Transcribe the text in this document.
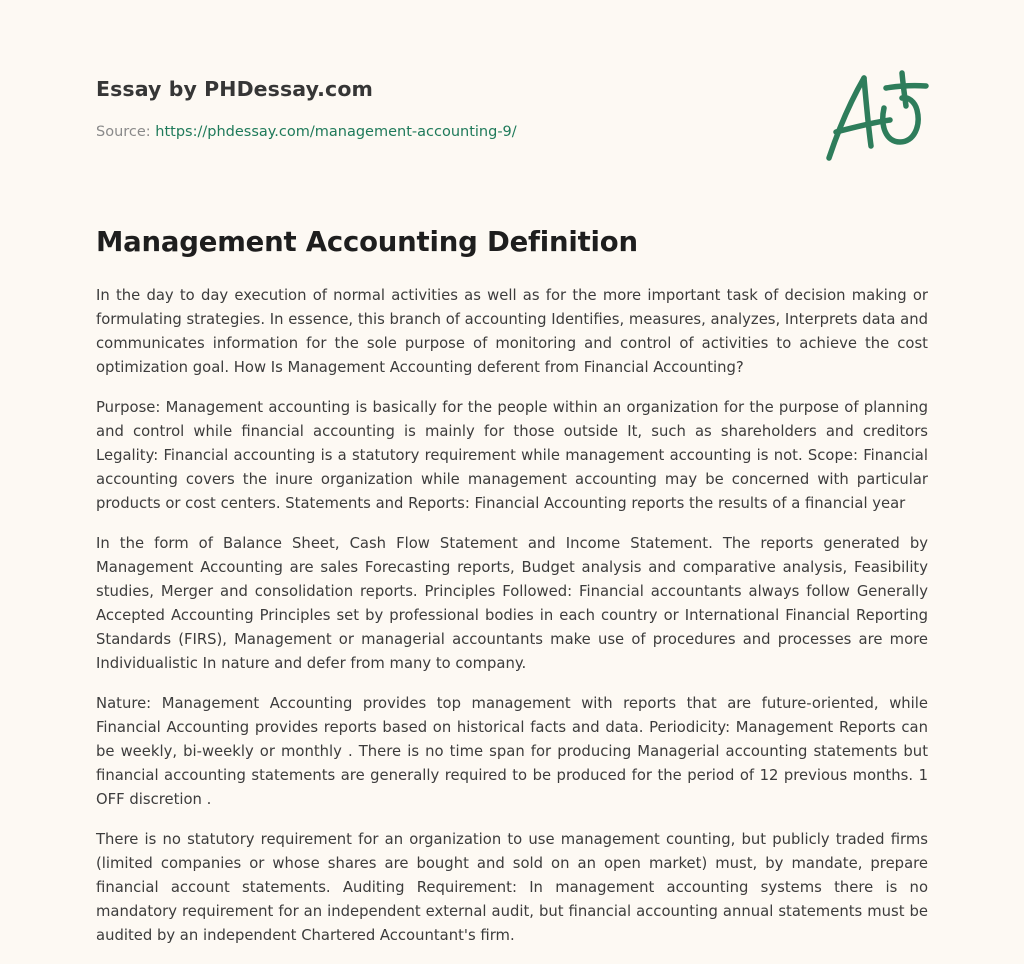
Essay by PHDessay.com

Source: https://phdessay.com/management-accounting-9/

Management Accounting Definition

In the day to day execution of normal activities as well as for the more important task of decision making or formulating strategies. In essence, this branch of accounting Identifies, measures, analyzes, Interprets data and communicates information for the sole purpose of monitoring and control of activities to achieve the cost optimization goal. How Is Management Accounting deferent from Financial Accounting?

Purpose: Management accounting is basically for the people within an organization for the purpose of planning and control while financial accounting is mainly for those outside It, such as shareholders and creditors Legality: Financial accounting is a statutory requirement while management accounting is not. Scope: Financial accounting covers the inure organization while management accounting may be concerned with particular products or cost centers. Statements and Reports: Financial Accounting reports the results of a financial year

In the form of Balance Sheet, Cash Flow Statement and Income Statement. The reports generated by Management Accounting are sales Forecasting reports, Budget analysis and comparative analysis, Feasibility studies, Merger and consolidation reports. Principles Followed: Financial accountants always follow Generally Accepted Accounting Principles set by professional bodies in each country or International Financial Reporting Standards (FIRS), Management or managerial accountants make use of procedures and processes are more Individualistic In nature and defer from many to company.

Nature: Management Accounting provides top management with reports that are future-oriented, while Financial Accounting provides reports based on historical facts and data. Periodicity: Management Reports can be weekly, bi-weekly or monthly . There is no time span for producing Managerial accounting statements but financial accounting statements are generally required to be produced for the period of 12 previous months. 1 OFF discretion .

There is no statutory requirement for an organization to use management counting, but publicly traded firms (limited companies or whose shares are bought and sold on an open market) must, by mandate, prepare financial account statements. Auditing Requirement: In management accounting systems there is no mandatory requirement for an independent external audit, but financial accounting annual statements must be audited by an independent Chartered Accountant's firm.
